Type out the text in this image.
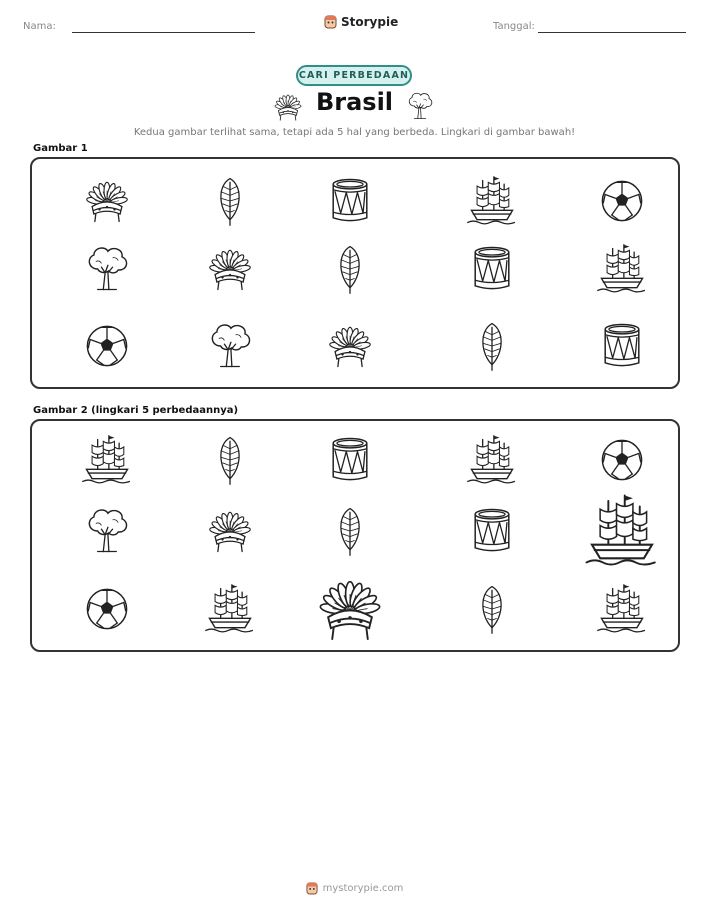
Nama:	Storypie	Tanggal:
CARI PERBEDAAN
Brasil
Kedua gambar terlihat sama, tetapi ada 5 hal yang berbeda. Lingkari di gambar bawah!
Gambar 1
Gambar 2 (lingkari 5 perbedaannya)
mystorypie.com
